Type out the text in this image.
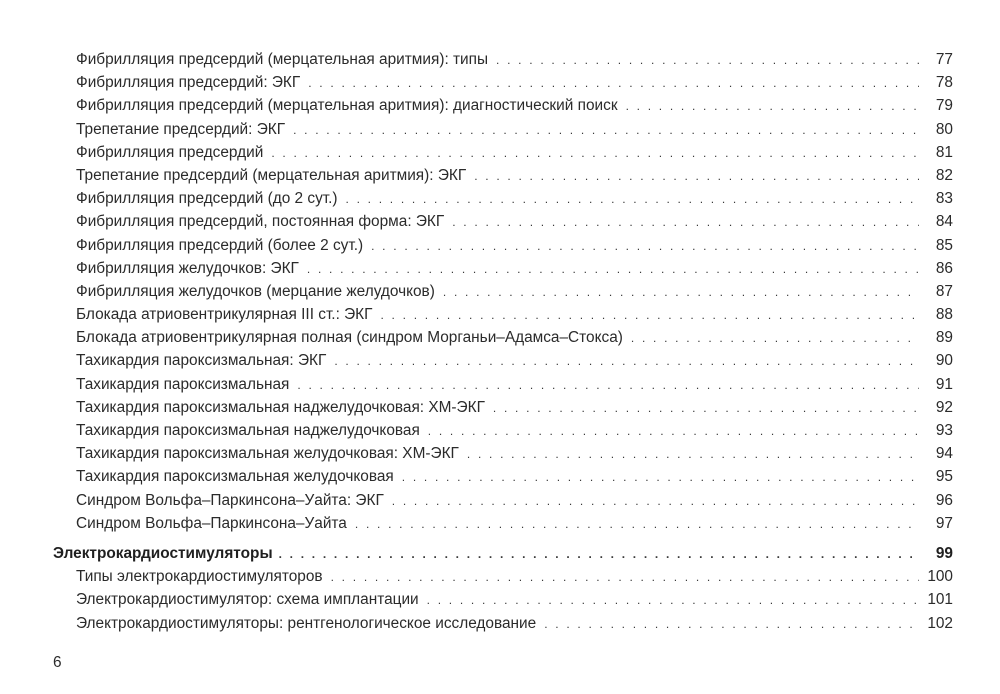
Фибрилляция предсердий (мерцательная аритмия): типы . . .	77
Фибрилляция предсердий: ЭКГ . . .	78
Фибрилляция предсердий (мерцательная аритмия): диагностический поиск . . .	79
Трепетание предсердий: ЭКГ . . .	80
Фибрилляция предсердий . . .	81
Трепетание предсердий (мерцательная аритмия): ЭКГ . . .	82
Фибрилляция предсердий (до 2 сут.) . . .	83
Фибрилляция предсердий, постоянная форма: ЭКГ . . .	84
Фибрилляция предсердий (более 2 сут.) . . .	85
Фибрилляция желудочков: ЭКГ . . .	86
Фибрилляция желудочков (мерцание желудочков) . . .	87
Блокада атриовентрикулярная III ст.: ЭКГ . . .	88
Блокада атриовентрикулярная полная (синдром Морганьи–Адамса–Стокса) . . .	89
Тахикардия пароксизмальная: ЭКГ . . .	90
Тахикардия пароксизмальная . . .	91
Тахикардия пароксизмальная наджелудочковая: ХМ-ЭКГ . . .	92
Тахикардия пароксизмальная наджелудочковая . . .	93
Тахикардия пароксизмальная желудочковая: ХМ-ЭКГ . . .	94
Тахикардия пароксизмальная желудочковая . . .	95
Синдром Вольфа–Паркинсона–Уайта: ЭКГ . . .	96
Синдром Вольфа–Паркинсона–Уайта . . .	97
Электрокардиостимуляторы . . .	99
Типы электрокардиостимуляторов . . .	100
Электрокардиостимулятор: схема имплантации . . .	101
Электрокардиостимуляторы: рентгенологическое исследование . . .	102
6
